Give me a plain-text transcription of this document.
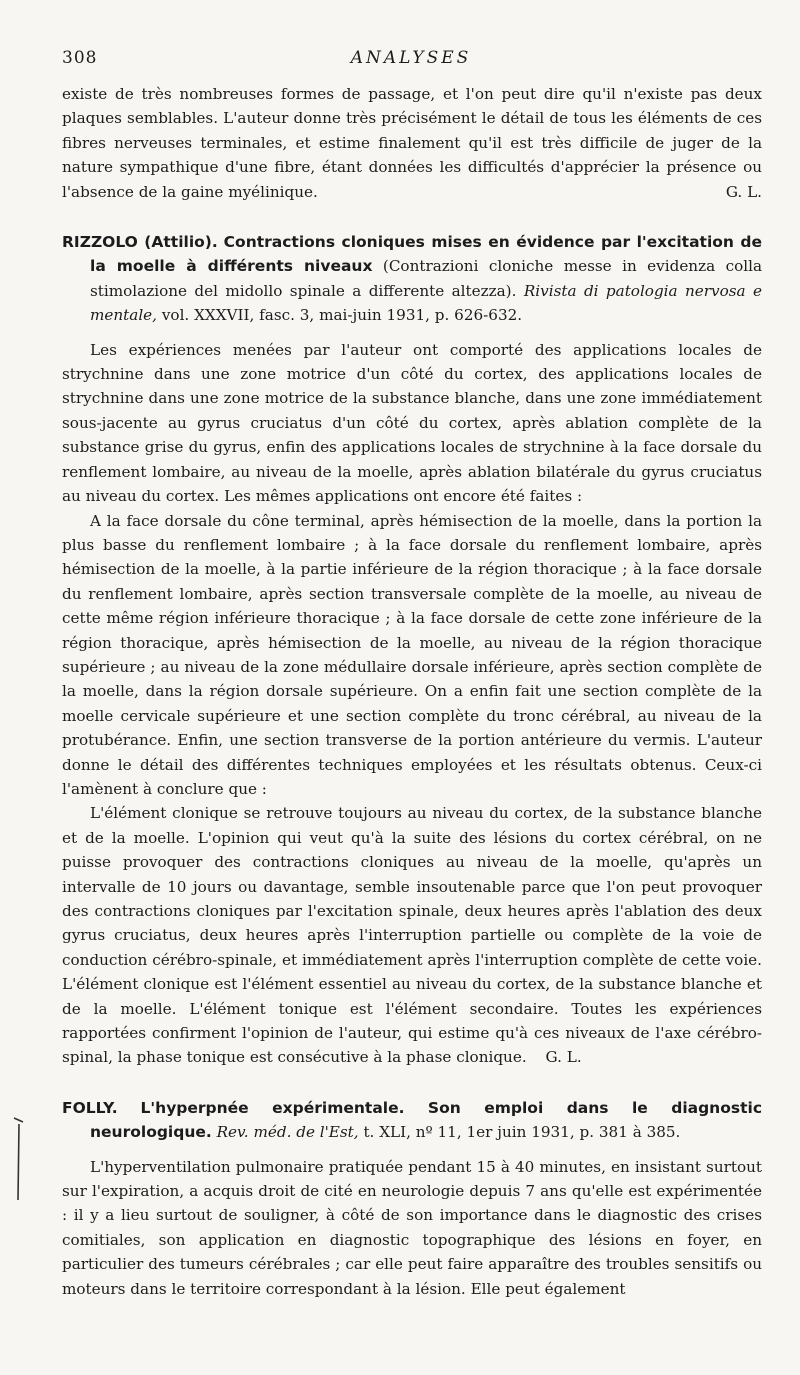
308	ANALYSES

existe de très nombreuses formes de passage, et l'on peut dire qu'il n'existe pas deux plaques semblables. L'auteur donne très précisément le détail de tous les éléments de ces fibres nerveuses terminales, et estime finalement qu'il est très difficile de juger de la nature sympathique d'une fibre, étant données les difficultés d'apprécier la présence ou l'absence de la gaine myélinique.	G. L.

RIZZOLO (Attilio). Contractions cloniques mises en évidence par l'excitation de la moelle à différents niveaux (Contrazioni cloniche messe in evidenza colla stimolazione del midollo spinale a differente altezza). Rivista di patologia nervosa e mentale, vol. XXXVII, fasc. 3, mai-juin 1931, p. 626-632.

Les expériences menées par l'auteur ont comporté des applications locales de strychnine dans une zone motrice d'un côté du cortex, des applications locales de strychnine dans une zone motrice de la substance blanche, dans une zone immédiatement sous-jacente au gyrus cruciatus d'un côté du cortex, après ablation complète de la substance grise du gyrus, enfin des applications locales de strychnine à la face dorsale du renflement lombaire, au niveau de la moelle, après ablation bilatérale du gyrus cruciatus au niveau du cortex. Les mêmes applications ont encore été faites :

A la face dorsale du cône terminal, après hémisection de la moelle, dans la portion la plus basse du renflement lombaire ; à la face dorsale du renflement lombaire, après hémisection de la moelle, à la partie inférieure de la région thoracique ; à la face dorsale du renflement lombaire, après section transversale complète de la moelle, au niveau de cette même région inférieure thoracique ; à la face dorsale de cette zone inférieure de la région thoracique, après hémisection de la moelle, au niveau de la région thoracique supérieure ; au niveau de la zone médullaire dorsale inférieure, après section complète de la moelle, dans la région dorsale supérieure. On a enfin fait une section complète de la moelle cervicale supérieure et une section complète du tronc cérébral, au niveau de la protubérance. Enfin, une section transverse de la portion antérieure du vermis. L'auteur donne le détail des différentes techniques employées et les résultats obtenus. Ceux-ci l'amènent à conclure que :

L'élément clonique se retrouve toujours au niveau du cortex, de la substance blanche et de la moelle. L'opinion qui veut qu'à la suite des lésions du cortex cérébral, on ne puisse provoquer des contractions cloniques au niveau de la moelle, qu'après un intervalle de 10 jours ou davantage, semble insoutenable parce que l'on peut provoquer des contractions cloniques par l'excitation spinale, deux heures après l'ablation des deux gyrus cruciatus, deux heures après l'interruption partielle ou complète de la voie de conduction cérébro-spinale, et immédiatement après l'interruption complète de cette voie. L'élément clonique est l'élément essentiel au niveau du cortex, de la substance blanche et de la moelle. L'élément tonique est l'élément secondaire. Toutes les expériences rapportées confirment l'opinion de l'auteur, qui estime qu'à ces niveaux de l'axe cérébro-spinal, la phase tonique est consécutive à la phase clonique. G. L.

FOLLY. L'hyperpnée expérimentale. Son emploi dans le diagnostic neurologique. Rev. méd. de l'Est, t. XLI, nº 11, 1er juin 1931, p. 381 à 385.

L'hyperventilation pulmonaire pratiquée pendant 15 à 40 minutes, en insistant surtout sur l'expiration, a acquis droit de cité en neurologie depuis 7 ans qu'elle est expérimentée : il y a lieu surtout de souligner, à côté de son importance dans le diagnostic des crises comitiales, son application en diagnostic topographique des lésions en foyer, en particulier des tumeurs cérébrales ; car elle peut faire apparaître des troubles sensitifs ou moteurs dans le territoire correspondant à la lésion. Elle peut également
